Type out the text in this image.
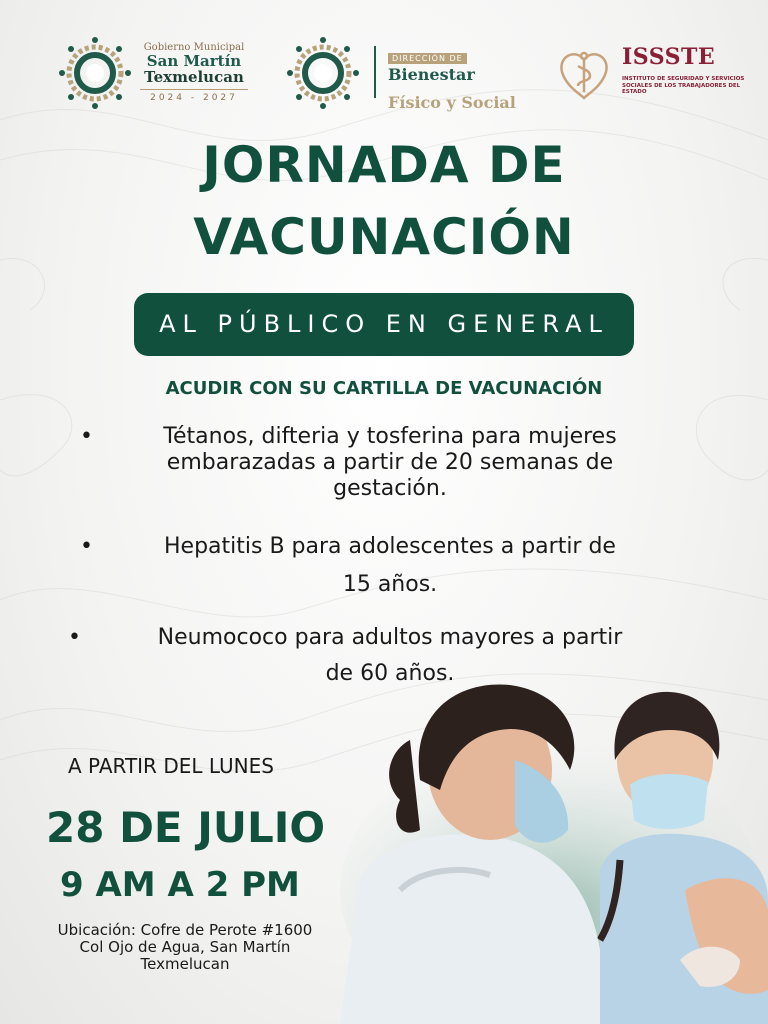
Gobierno Municipal
San Martín
Texmelucan
2024 - 2027
DIRECCIÓN DE
Bienestar
Físico y Social
ISSSTE
INSTITUTO DE SEGURIDAD Y SERVICIOS SOCIALES DE LOS TRABAJADORES DEL ESTADO
JORNADA DE
VACUNACIÓN
AL PÚBLICO EN GENERAL
ACUDIR CON SU CARTILLA DE VACUNACIÓN
•	Tétanos, difteria y tosferina para mujeres
embarazadas a partir de 20 semanas de
gestación.
•	Hepatitis B para adolescentes a partir de
15 años.
•	Neumococo para adultos mayores a partir
de 60 años.
A PARTIR DEL LUNES
28 DE JULIO
9 AM A 2 PM
Ubicación: Cofre de Perote #1600
Col Ojo de Agua, San Martín
Texmelucan
